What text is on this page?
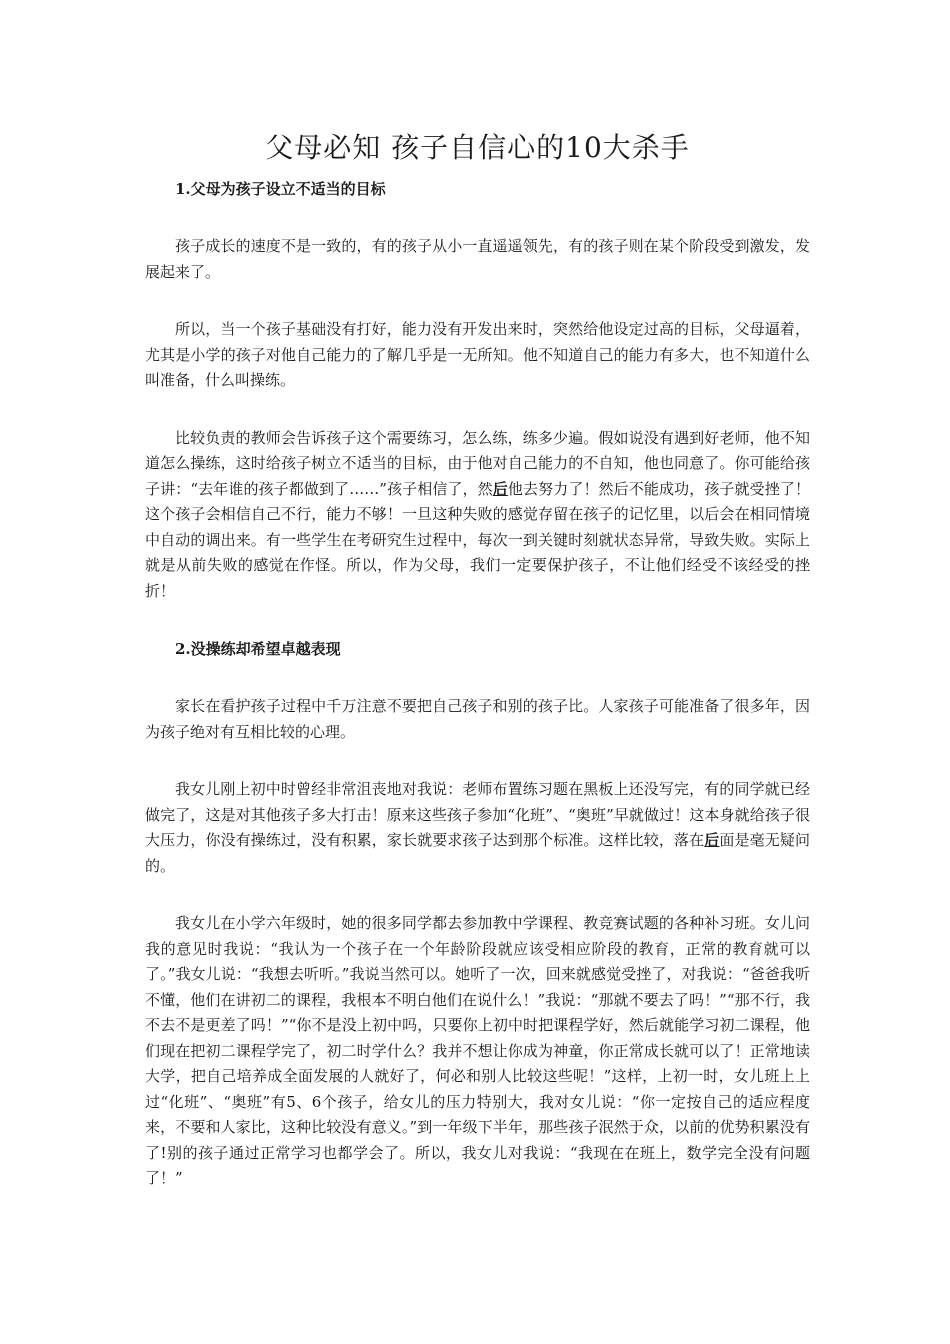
父母必知 孩子自信心的10大杀手

1.父母为孩子设立不适当的目标

孩子成长的速度不是一致的，有的孩子从小一直遥遥领先，有的孩子则在某个阶段受到激发，发展起来了。

所以，当一个孩子基础没有打好，能力没有开发出来时，突然给他设定过高的目标，父母逼着，尤其是小学的孩子对他自己能力的了解几乎是一无所知。他不知道自己的能力有多大，也不知道什么叫准备，什么叫操练。

比较负责的教师会告诉孩子这个需要练习，怎么练，练多少遍。假如说没有遇到好老师，他不知道怎么操练，这时给孩子树立不适当的目标，由于他对自己能力的不自知，他也同意了。你可能给孩子讲：“去年谁的孩子都做到了……”孩子相信了，然后他去努力了！然后不能成功，孩子就受挫了！这个孩子会相信自己不行，能力不够！一旦这种失败的感觉存留在孩子的记忆里，以后会在相同情境中自动的调出来。有一些学生在考研究生过程中，每次一到关键时刻就状态异常，导致失败。实际上就是从前失败的感觉在作怪。所以，作为父母，我们一定要保护孩子，不让他们经受不该经受的挫折！

2.没操练却希望卓越表现

家长在看护孩子过程中千万注意不要把自己孩子和别的孩子比。人家孩子可能准备了很多年，因为孩子绝对有互相比较的心理。

我女儿刚上初中时曾经非常沮丧地对我说：老师布置练习题在黑板上还没写完，有的同学就已经做完了，这是对其他孩子多大打击！原来这些孩子参加“化班”、“奥班”早就做过！这本身就给孩子很大压力，你没有操练过，没有积累，家长就要求孩子达到那个标准。这样比较，落在后面是毫无疑问的。

我女儿在小学六年级时，她的很多同学都去参加教中学课程、教竞赛试题的各种补习班。女儿问我的意见时我说：“我认为一个孩子在一个年龄阶段就应该受相应阶段的教育，正常的教育就可以了。”我女儿说：“我想去听听。”我说当然可以。她听了一次，回来就感觉受挫了，对我说：“爸爸我听不懂，他们在讲初二的课程，我根本不明白他们在说什么！”我说：“那就不要去了吗！”“那不行，我不去不是更差了吗！”“你不是没上初中吗，只要你上初中时把课程学好，然后就能学习初二课程，他们现在把初二课程学完了，初二时学什么？我并不想让你成为神童，你正常成长就可以了！正常地读大学，把自己培养成全面发展的人就好了，何必和别人比较这些呢！”这样，上初一时，女儿班上上过“化班”、“奥班”有5、6个孩子，给女儿的压力特别大，我对女儿说：“你一定按自己的适应程度来，不要和人家比，这种比较没有意义。”到一年级下半年，那些孩子泯然于众，以前的优势积累没有了!别的孩子通过正常学习也都学会了。所以，我女儿对我说：“我现在在班上，数学完全没有问题了！”
